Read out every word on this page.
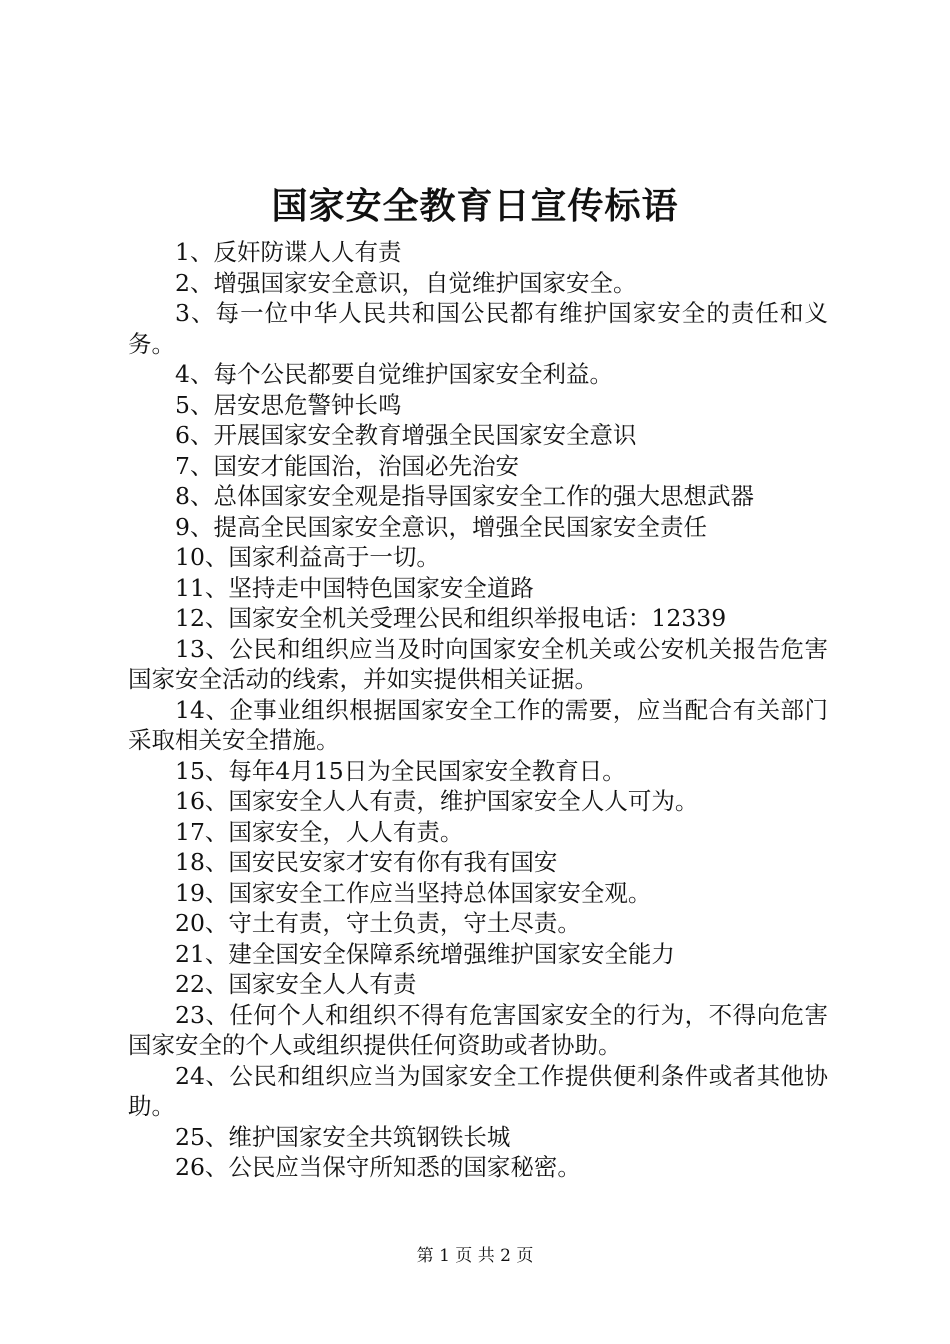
国家安全教育日宣传标语

1、反奸防谍人人有责

2、增强国家安全意识，自觉维护国家安全。

3、每一位中华人民共和国公民都有维护国家安全的责任和义务。

4、每个公民都要自觉维护国家安全利益。

5、居安思危警钟长鸣

6、开展国家安全教育增强全民国家安全意识

7、国安才能国治，治国必先治安

8、总体国家安全观是指导国家安全工作的强大思想武器

9、提高全民国家安全意识，增强全民国家安全责任

10、国家利益高于一切。

11、坚持走中国特色国家安全道路

12、国家安全机关受理公民和组织举报电话：12339

13、公民和组织应当及时向国家安全机关或公安机关报告危害国家安全活动的线索，并如实提供相关证据。

14、企事业组织根据国家安全工作的需要，应当配合有关部门采取相关安全措施。

15、每年4月15日为全民国家安全教育日。

16、国家安全人人有责，维护国家安全人人可为。

17、国家安全，人人有责。

18、国安民安家才安有你有我有国安

19、国家安全工作应当坚持总体国家安全观。

20、守土有责，守土负责，守土尽责。

21、建全国安全保障系统增强维护国家安全能力

22、国家安全人人有责

23、任何个人和组织不得有危害国家安全的行为，不得向危害国家安全的个人或组织提供任何资助或者协助。

24、公民和组织应当为国家安全工作提供便利条件或者其他协助。

25、维护国家安全共筑钢铁长城

26、公民应当保守所知悉的国家秘密。

第 1 页 共 2 页
